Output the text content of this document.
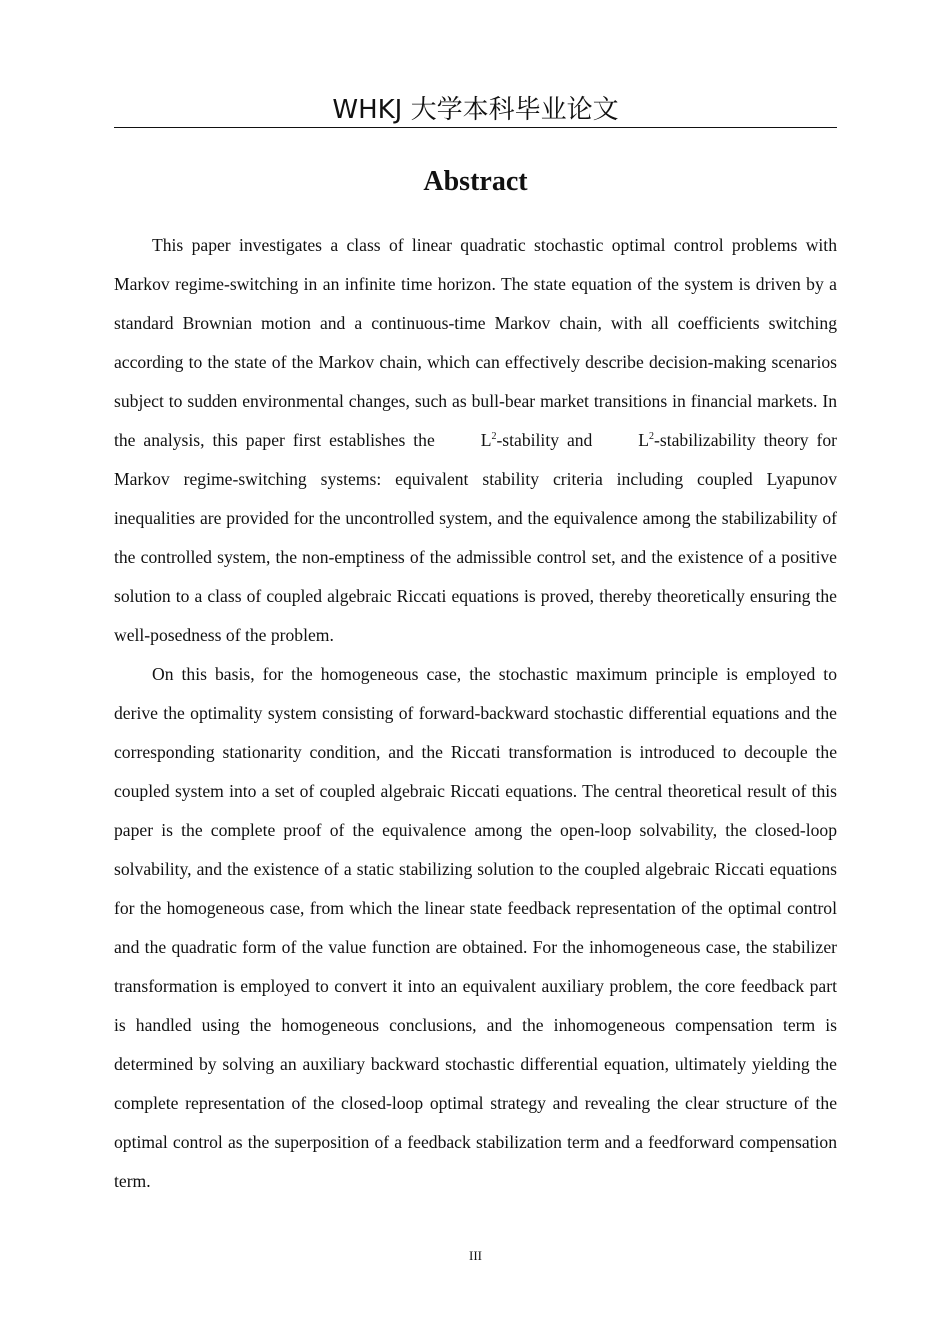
WHKJ 大学本科毕业论文
Abstract

This paper investigates a class of linear quadratic stochastic optimal control problems with Markov regime-switching in an infinite time horizon. The state equation of the system is driven by a standard Brownian motion and a continuous-time Markov chain, with all coefficients switching according to the state of the Markov chain, which can effectively describe decision-making scenarios subject to sudden environmental changes, such as bull-bear market transitions in financial markets. In the analysis, this paper first establishes the $L^2$-stability and $L^2$-stabilizability theory for Markov regime-switching systems: equivalent stability criteria including coupled Lyapunov inequalities are provided for the uncontrolled system, and the equivalence among the stabilizability of the controlled system, the non-emptiness of the admissible control set, and the existence of a positive solution to a class of coupled algebraic Riccati equations is proved, thereby theoretically ensuring the well-posedness of the problem.

On this basis, for the homogeneous case, the stochastic maximum principle is employed to derive the optimality system consisting of forward-backward stochastic differential equations and the corresponding stationarity condition, and the Riccati transformation is introduced to decouple the coupled system into a set of coupled algebraic Riccati equations. The central theoretical result of this paper is the complete proof of the equivalence among the open-loop solvability, the closed-loop solvability, and the existence of a static stabilizing solution to the coupled algebraic Riccati equations for the homogeneous case, from which the linear state feedback representation of the optimal control and the quadratic form of the value function are obtained. For the inhomogeneous case, the stabilizer transformation is employed to convert it into an equivalent auxiliary problem, the core feedback part is handled using the homogeneous conclusions, and the inhomogeneous compensation term is determined by solving an auxiliary backward stochastic differential equation, ultimately yielding the complete representation of the closed-loop optimal strategy and revealing the clear structure of the optimal control as the superposition of a feedback stabilization term and a feedforward compensation term.

III
